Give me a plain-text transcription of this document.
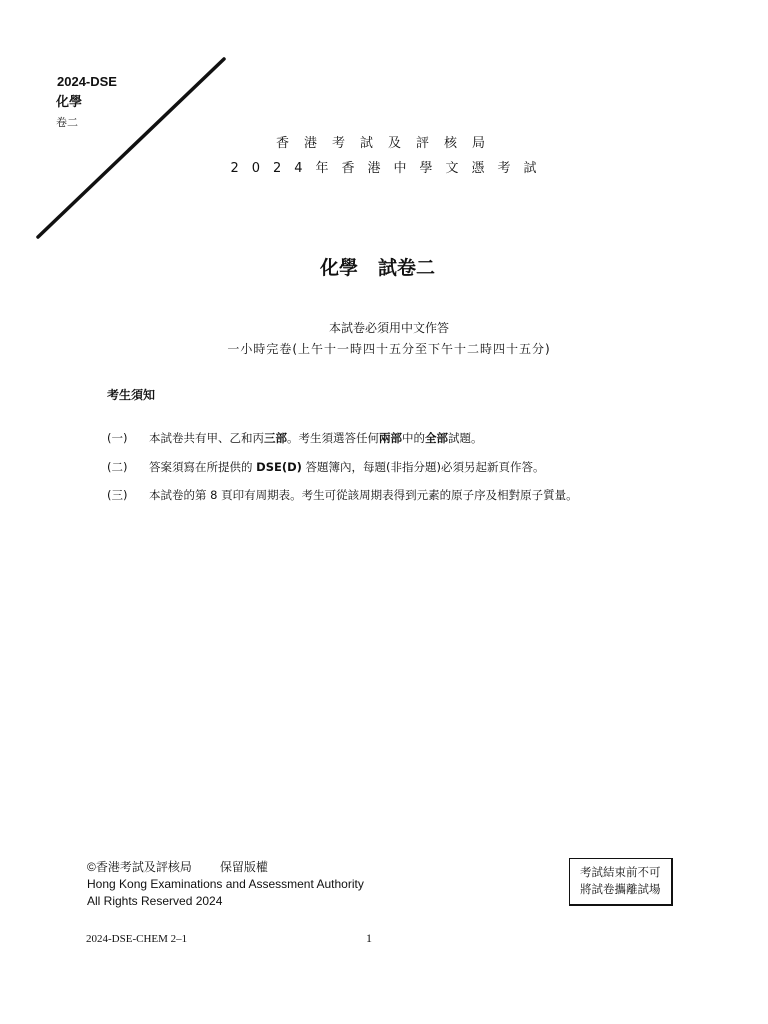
2024-DSE
化學
卷二
香港考試及評核局
2024年香港中學文憑考試
化學 試卷二
本試卷必須用中文作答
一小時完卷(上午十一時四十五分至下午十二時四十五分)
考生須知
(一)	本試卷共有甲、乙和丙三部。考生須選答任何兩部中的全部試題。
(二)	答案須寫在所提供的 DSE(D) 答題簿內，每題(非指分題)必須另起新頁作答。
(三)	本試卷的第 8 頁印有周期表。考生可從該周期表得到元素的原子序及相對原子質量。
©香港考試及評核局 保留版權
Hong Kong Examinations and Assessment Authority
All Rights Reserved 2024
考試結束前不可
將試卷攜離試場
2024-DSE-CHEM 2–1	1
